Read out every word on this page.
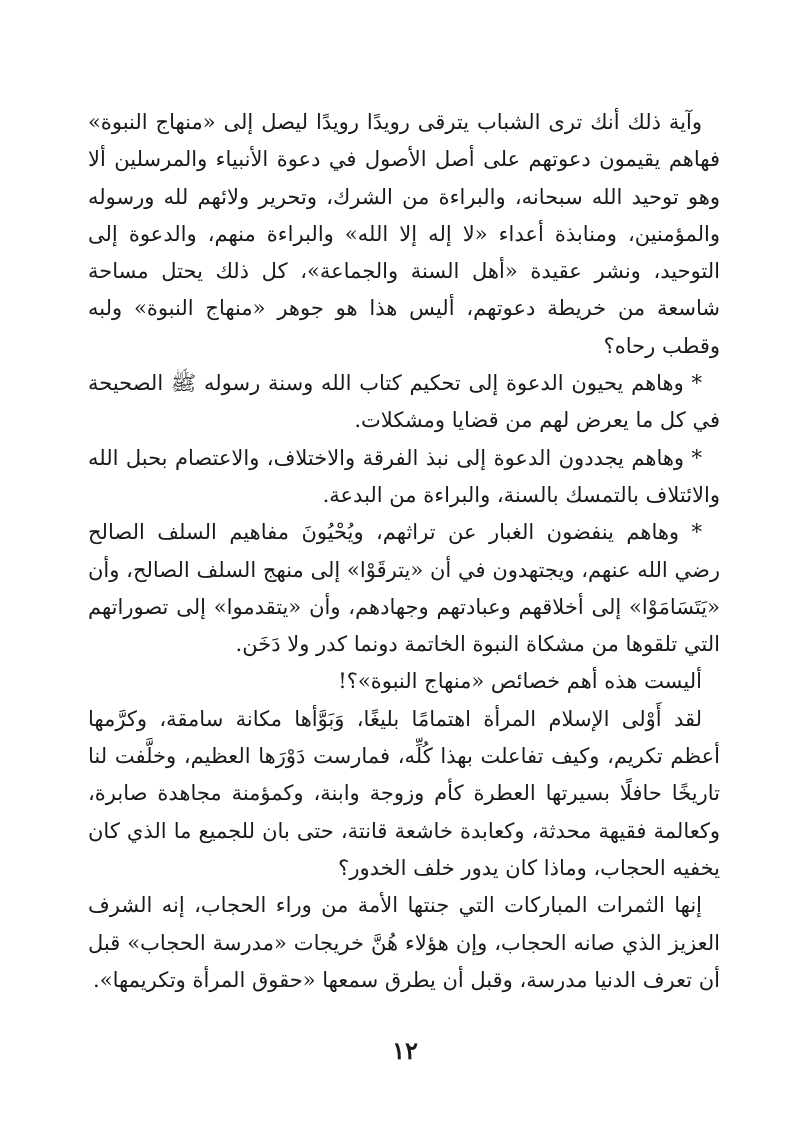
وآية ذلك أنك ترى الشباب يترقى رويدًا رويدًا ليصل إلى «منهاج النبوة» فهاهم يقيمون دعوتهم على أصل الأصول في دعوة الأنبياء والمرسلين ألا وهو توحيد الله سبحانه، والبراءة من الشرك، وتحرير ولائهم لله ورسوله والمؤمنين، ومنابذة أعداء «لا إله إلا الله» والبراءة منهم، والدعوة إلى التوحيد، ونشر عقيدة «أهل السنة والجماعة»، كل ذلك يحتل مساحة شاسعة من خريطة دعوتهم، أليس هذا هو جوهر «منهاج النبوة» ولبه وقطب رحاه؟

* وهاهم يحيون الدعوة إلى تحكيم كتاب الله وسنة رسوله ﷺ الصحيحة في كل ما يعرض لهم من قضايا ومشكلات.

* وهاهم يجددون الدعوة إلى نبذ الفرقة والاختلاف، والاعتصام بحبل الله والائتلاف بالتمسك بالسنة، والبراءة من البدعة.

* وهاهم ينفضون الغبار عن تراثهم، ويُحْيُونَ مفاهيم السلف الصالح رضي الله عنهم، ويجتهدون في أن «يترقَوْا» إلى منهج السلف الصالح، وأن «يَتَسَامَوْا» إلى أخلاقهم وعبادتهم وجهادهم، وأن «يتقدموا» إلى تصوراتهم التي تلقوها من مشكاة النبوة الخاتمة دونما كدر ولا دَخَن.

أليست هذه أهم خصائص «منهاج النبوة»؟!

لقد أَوْلى الإسلام المرأة اهتمامًا بليغًا، وَبَوَّأها مكانة سامقة، وكرَّمها أعظم تكريم، وكيف تفاعلت بهذا كُلِّه، فمارست دَوْرَها العظيم، وخلَّفت لنا تاريخًا حافلًا بسيرتها العطرة كأم وزوجة وابنة، وكمؤمنة مجاهدة صابرة، وكعالمة فقيهة محدثة، وكعابدة خاشعة قانتة، حتى بان للجميع ما الذي كان يخفيه الحجاب، وماذا كان يدور خلف الخدور؟

إنها الثمرات المباركات التي جنتها الأمة من وراء الحجاب، إنه الشرف العزيز الذي صانه الحجاب، وإن هؤلاء هُنَّ خريجات «مدرسة الحجاب» قبل أن تعرف الدنيا مدرسة، وقبل أن يطرق سمعها «حقوق المرأة وتكريمها».

١٢
